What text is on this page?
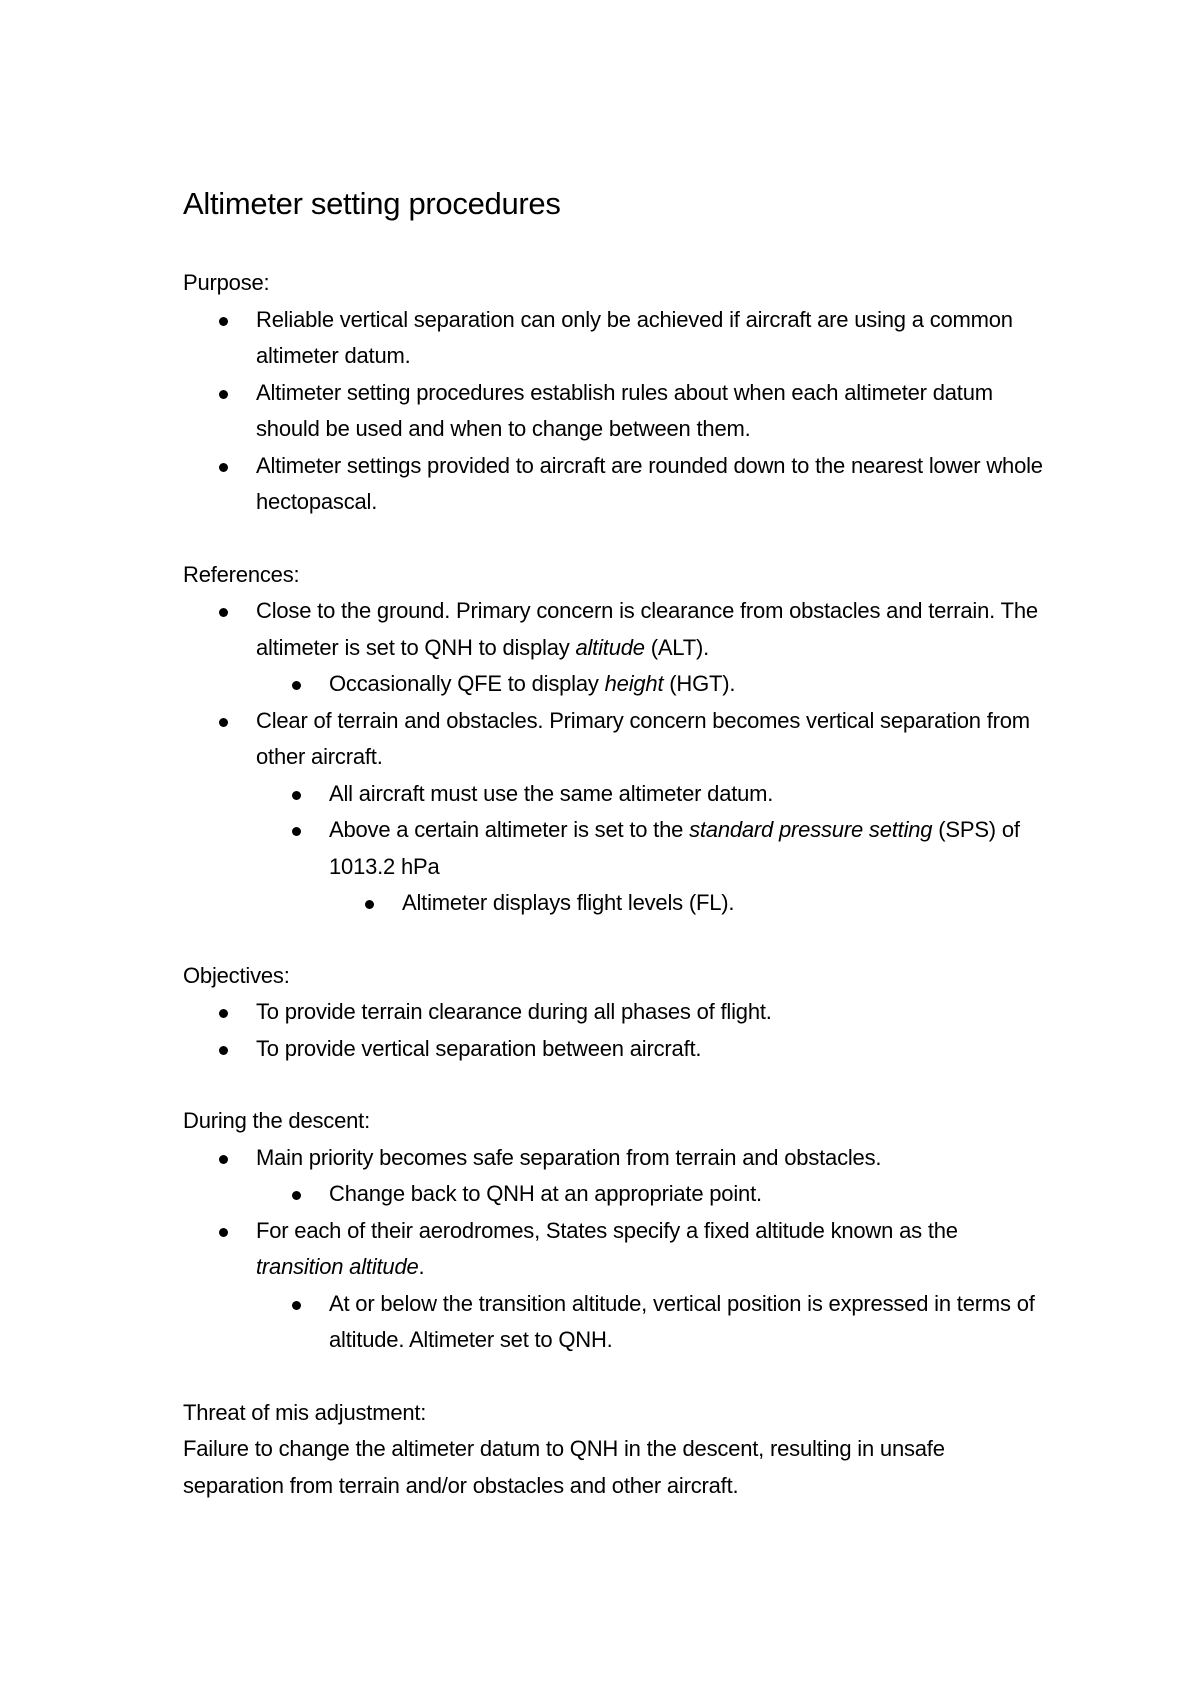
Altimeter setting procedures

Purpose:

Reliable vertical separation can only be achieved if aircraft are using a common altimeter datum.
Altimeter setting procedures establish rules about when each altimeter datum should be used and when to change between them.
Altimeter settings provided to aircraft are rounded down to the nearest lower whole hectopascal.

References:

Close to the ground. Primary concern is clearance from obstacles and terrain. The altimeter is set to QNH to display altitude (ALT).
Occasionally QFE to display height (HGT).
Clear of terrain and obstacles. Primary concern becomes vertical separation from other aircraft.
All aircraft must use the same altimeter datum.
Above a certain altimeter is set to the standard pressure setting (SPS) of 1013.2 hPa
Altimeter displays flight levels (FL).

Objectives:

To provide terrain clearance during all phases of flight.
To provide vertical separation between aircraft.

During the descent:

Main priority becomes safe separation from terrain and obstacles.
Change back to QNH at an appropriate point.
For each of their aerodromes, States specify a fixed altitude known as the transition altitude.
At or below the transition altitude, vertical position is expressed in terms of altitude. Altimeter set to QNH.

Threat of mis adjustment:

Failure to change the altimeter datum to QNH in the descent, resulting in unsafe separation from terrain and/or obstacles and other aircraft.
